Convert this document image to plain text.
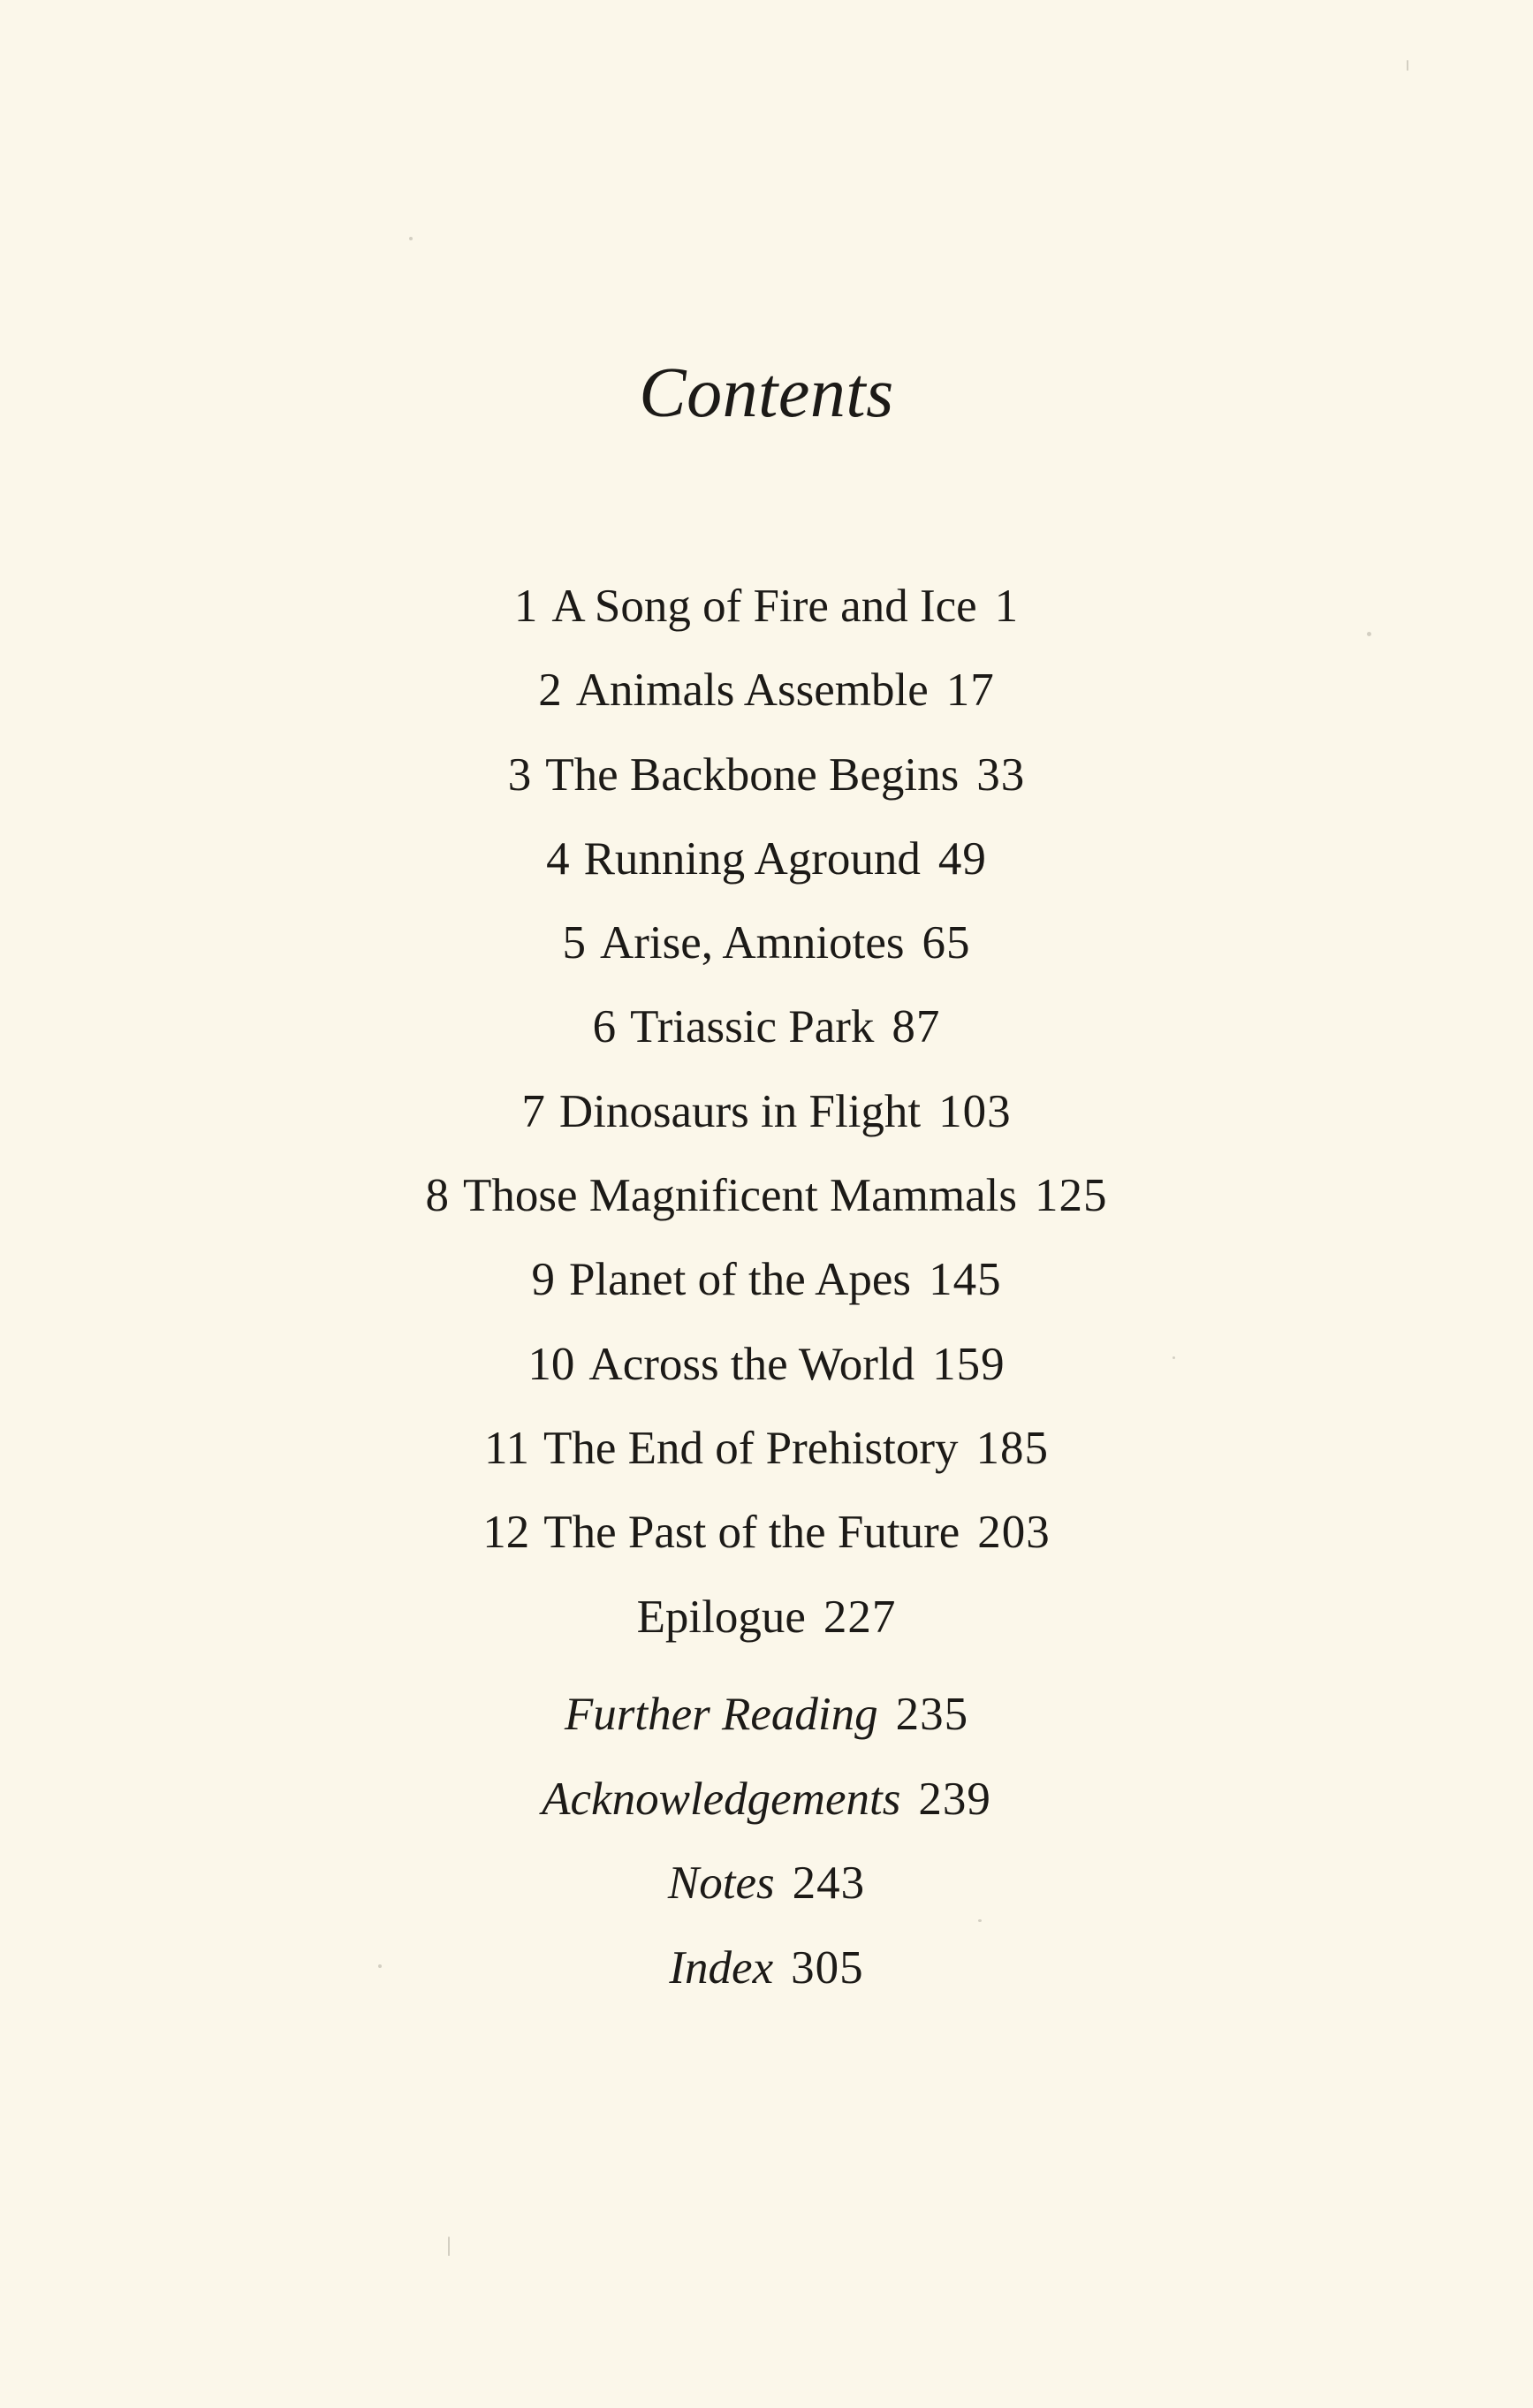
Contents
1 A Song of Fire and Ice 1
2 Animals Assemble 17
3 The Backbone Begins 33
4 Running Aground 49
5 Arise, Amniotes 65
6 Triassic Park 87
7 Dinosaurs in Flight 103
8 Those Magnificent Mammals 125
9 Planet of the Apes 145
10 Across the World 159
11 The End of Prehistory 185
12 The Past of the Future 203
Epilogue 227
Further Reading 235
Acknowledgements 239
Notes 243
Index 305
